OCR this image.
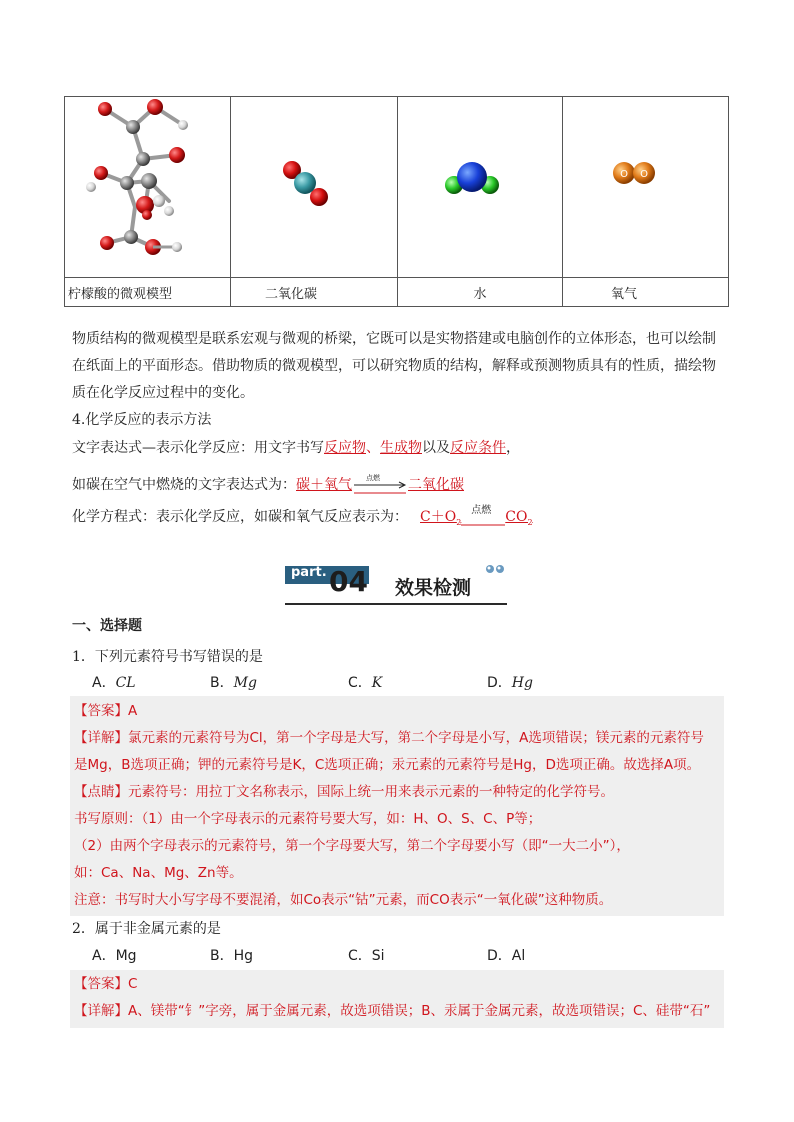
O O

柠檬酸的微观模型	二氧化碳	水	氧气
物质结构的微观模型是联系宏观与微观的桥梁，它既可以是实物搭建或电脑创作的立体形态，也可以绘制
在纸面上的平面形态。借助物质的微观模型，可以研究物质的结构，解释或预测物质具有的性质，描绘物
质在化学反应过程中的变化。
4.化学反应的表示方法
文字表达式—表示化学反应：用文字书写反应物、生成物以及反应条件，
如碳在空气中燃烧的文字表达式为：碳＋氧气 点燃 二氧化碳
化学方程式：表示化学反应，如碳和氧气反应表示为： $C+O_2$
点燃 $CO_2$
part. 04 效果检测
一、选择题
1．下列元素符号书写错误的是
A．CL	B．Mg	C．K	D．Hg
【答案】A
【详解】氯元素的元素符号为Cl，第一个字母是大写，第二个字母是小写，A选项错误；镁元素的元素符号
是Mg，B选项正确；钾的元素符号是K，C选项正确；汞元素的元素符号是Hg，D选项正确。故选择A项。
【点睛】元素符号：用拉丁文名称表示，国际上统一用来表示元素的一种特定的化学符号。
书写原则：（1）由一个字母表示的元素符号要大写，如：H、O、S、C、P等；
（2）由两个字母表示的元素符号，第一个字母要大写，第二个字母要小写（即“一大二小”），
如：Ca、Na、Mg、Zn等。
注意：书写时大小写字母不要混淆，如Co表示“钴”元素，而CO表示“一氧化碳”这种物质。
2．属于非金属元素的是
A．Mg	B．Hg	C．Si	D．Al
【答案】C
【详解】A、镁带“钅”字旁，属于金属元素，故选项错误；B、汞属于金属元素，故选项错误；C、硅带“石”
